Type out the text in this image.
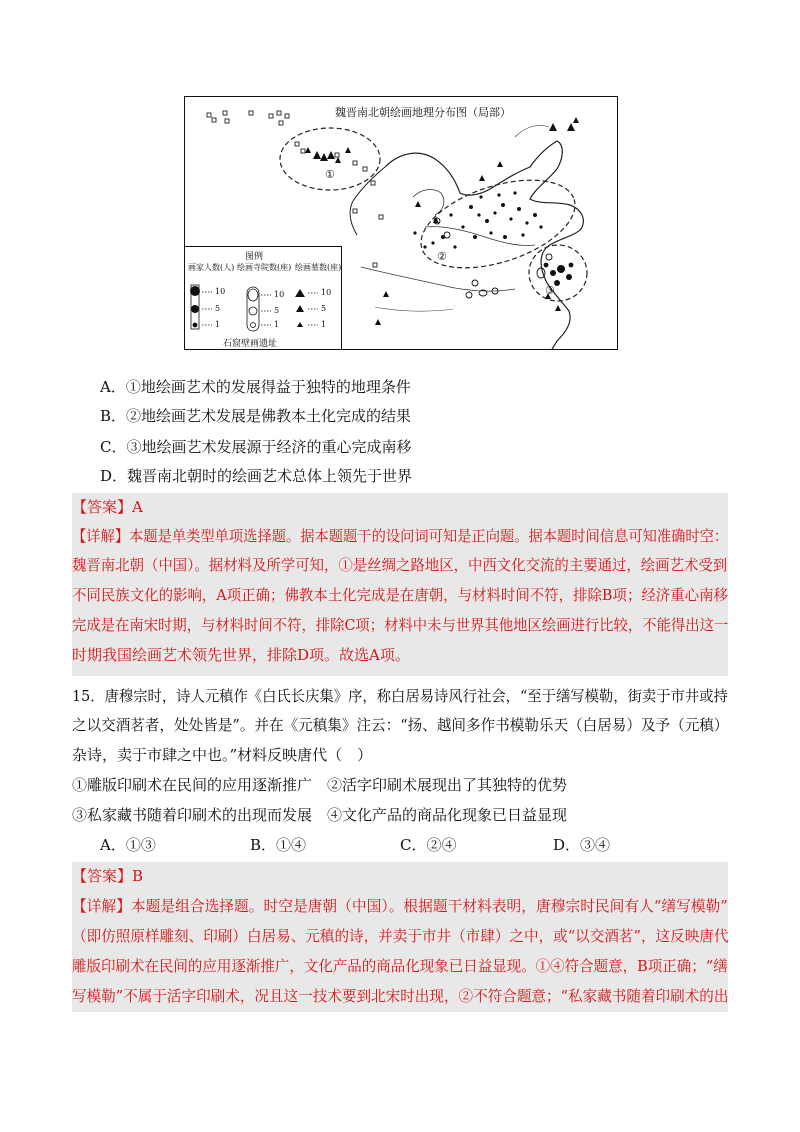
魏晋南北朝绘画地理分布图（局部）
①
②
③
图例
画家人数(人) 绘画寺院数(座) 绘画墓数(座)
10
5
1
10
5
1
10
5
1
石窟壁画遗址
A．①地绘画艺术的发展得益于独特的地理条件
B．②地绘画艺术发展是佛教本土化完成的结果
C．③地绘画艺术发展源于经济的重心完成南移
D．魏晋南北朝时的绘画艺术总体上领先于世界
【答案】A
【详解】本题是单类型单项选择题。据本题题干的设问词可知是正向题。据本题时间信息可知准确时空：
魏晋南北朝（中国）。据材料及所学可知，①是丝绸之路地区，中西文化交流的主要通过，绘画艺术受到
不同民族文化的影响，A项正确；佛教本土化完成是在唐朝，与材料时间不符，排除B项；经济重心南移
完成是在南宋时期，与材料时间不符，排除C项；材料中未与世界其他地区绘画进行比较，不能得出这一
时期我国绘画艺术领先世界，排除D项。故选A项。
15．唐穆宗时，诗人元稹作《白氏长庆集》序，称白居易诗风行社会，“至于缮写模勒，街卖于市井或持
之以交酒茗者，处处皆是”。并在《元稹集》注云：“扬、越间多作书模勒乐天（白居易）及予（元稹）
杂诗，卖于市肆之中也。”材料反映唐代（　）
①雕版印刷术在民间的应用逐渐推广　②活字印刷术展现出了其独特的优势
③私家藏书随着印刷术的出现而发展　④文化产品的商品化现象已日益显现
A．①③	B．①④	C．②④	D．③④
【答案】B
【详解】本题是组合选择题。时空是唐朝（中国）。根据题干材料表明，唐穆宗时民间有人“缮写模勒”
（即仿照原样雕刻、印刷）白居易、元稹的诗，并卖于市井（市肆）之中，或“以交酒茗”，这反映唐代
雕版印刷术在民间的应用逐渐推广，文化产品的商品化现象已日益显现。①④符合题意，B项正确；“缮
写模勒”不属于活字印刷术，况且这一技术要到北宋时出现，②不符合题意；“私家藏书随着印刷术的出
